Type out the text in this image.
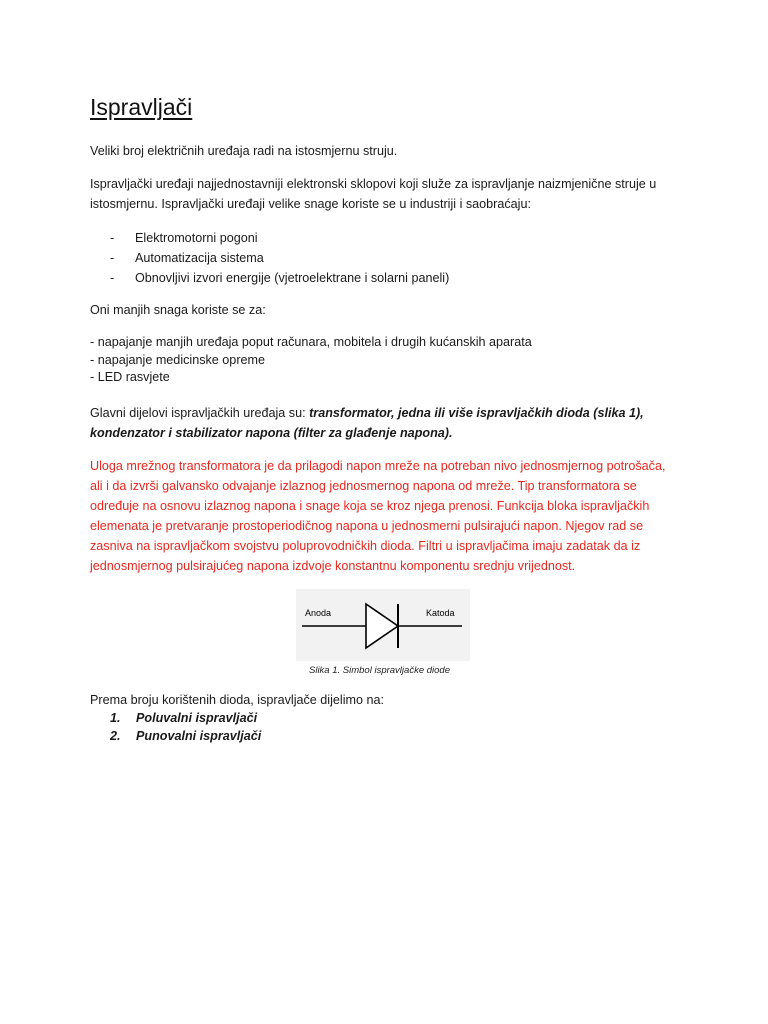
Ispravljači

Veliki broj električnih uređaja radi na istosmjernu struju.

Ispravljački uređaji najjednostavniji elektronski sklopovi koji služe za ispravljanje naizmjenične struje u
istosmjernu. Ispravljački uređaji velike snage koriste se u industriji i saobraćaju:

- Elektromotorni pogoni
- Automatizacija sistema
- Obnovljivi izvori energije (vjetroelektrane i solarni paneli)

Oni manjih snaga koriste se za:

- napajanje manjih uređaja poput računara, mobitela i drugih kućanskih aparata
- napajanje medicinske opreme
- LED rasvjete

Glavni dijelovi ispravljačkih uređaja su: transformator, jedna ili više ispravljačkih dioda (slika 1),
kondenzator i stabilizator napona (filter za glađenje napona).

Uloga mrežnog transformatora je da prilagodi napon mreže na potreban nivo jednosmjernog potrošača,
ali i da izvrši galvansko odvajanje izlaznog jednosmernog napona od mreže. Tip transformatora se
određuje na osnovu izlaznog napona i snage koja se kroz njega prenosi. Funkcija bloka ispravljačkih
elemenata je pretvaranje prostoperiodičnog napona u jednosmerni pulsirajući napon. Njegov rad se
zasniva na ispravljačkom svojstvu poluprovodničkih dioda. Filtri u ispravljačima imaju zadatak da iz
jednosmjernog pulsirajućeg napona izdvoje konstantnu komponentu srednju vrijednost.

Anoda	Katoda
Slika 1. Simbol ispravljačke diode

Prema broju korištenih dioda, ispravljače dijelimo na:

1. Poluvalni ispravljači
2. Punovalni ispravljači
